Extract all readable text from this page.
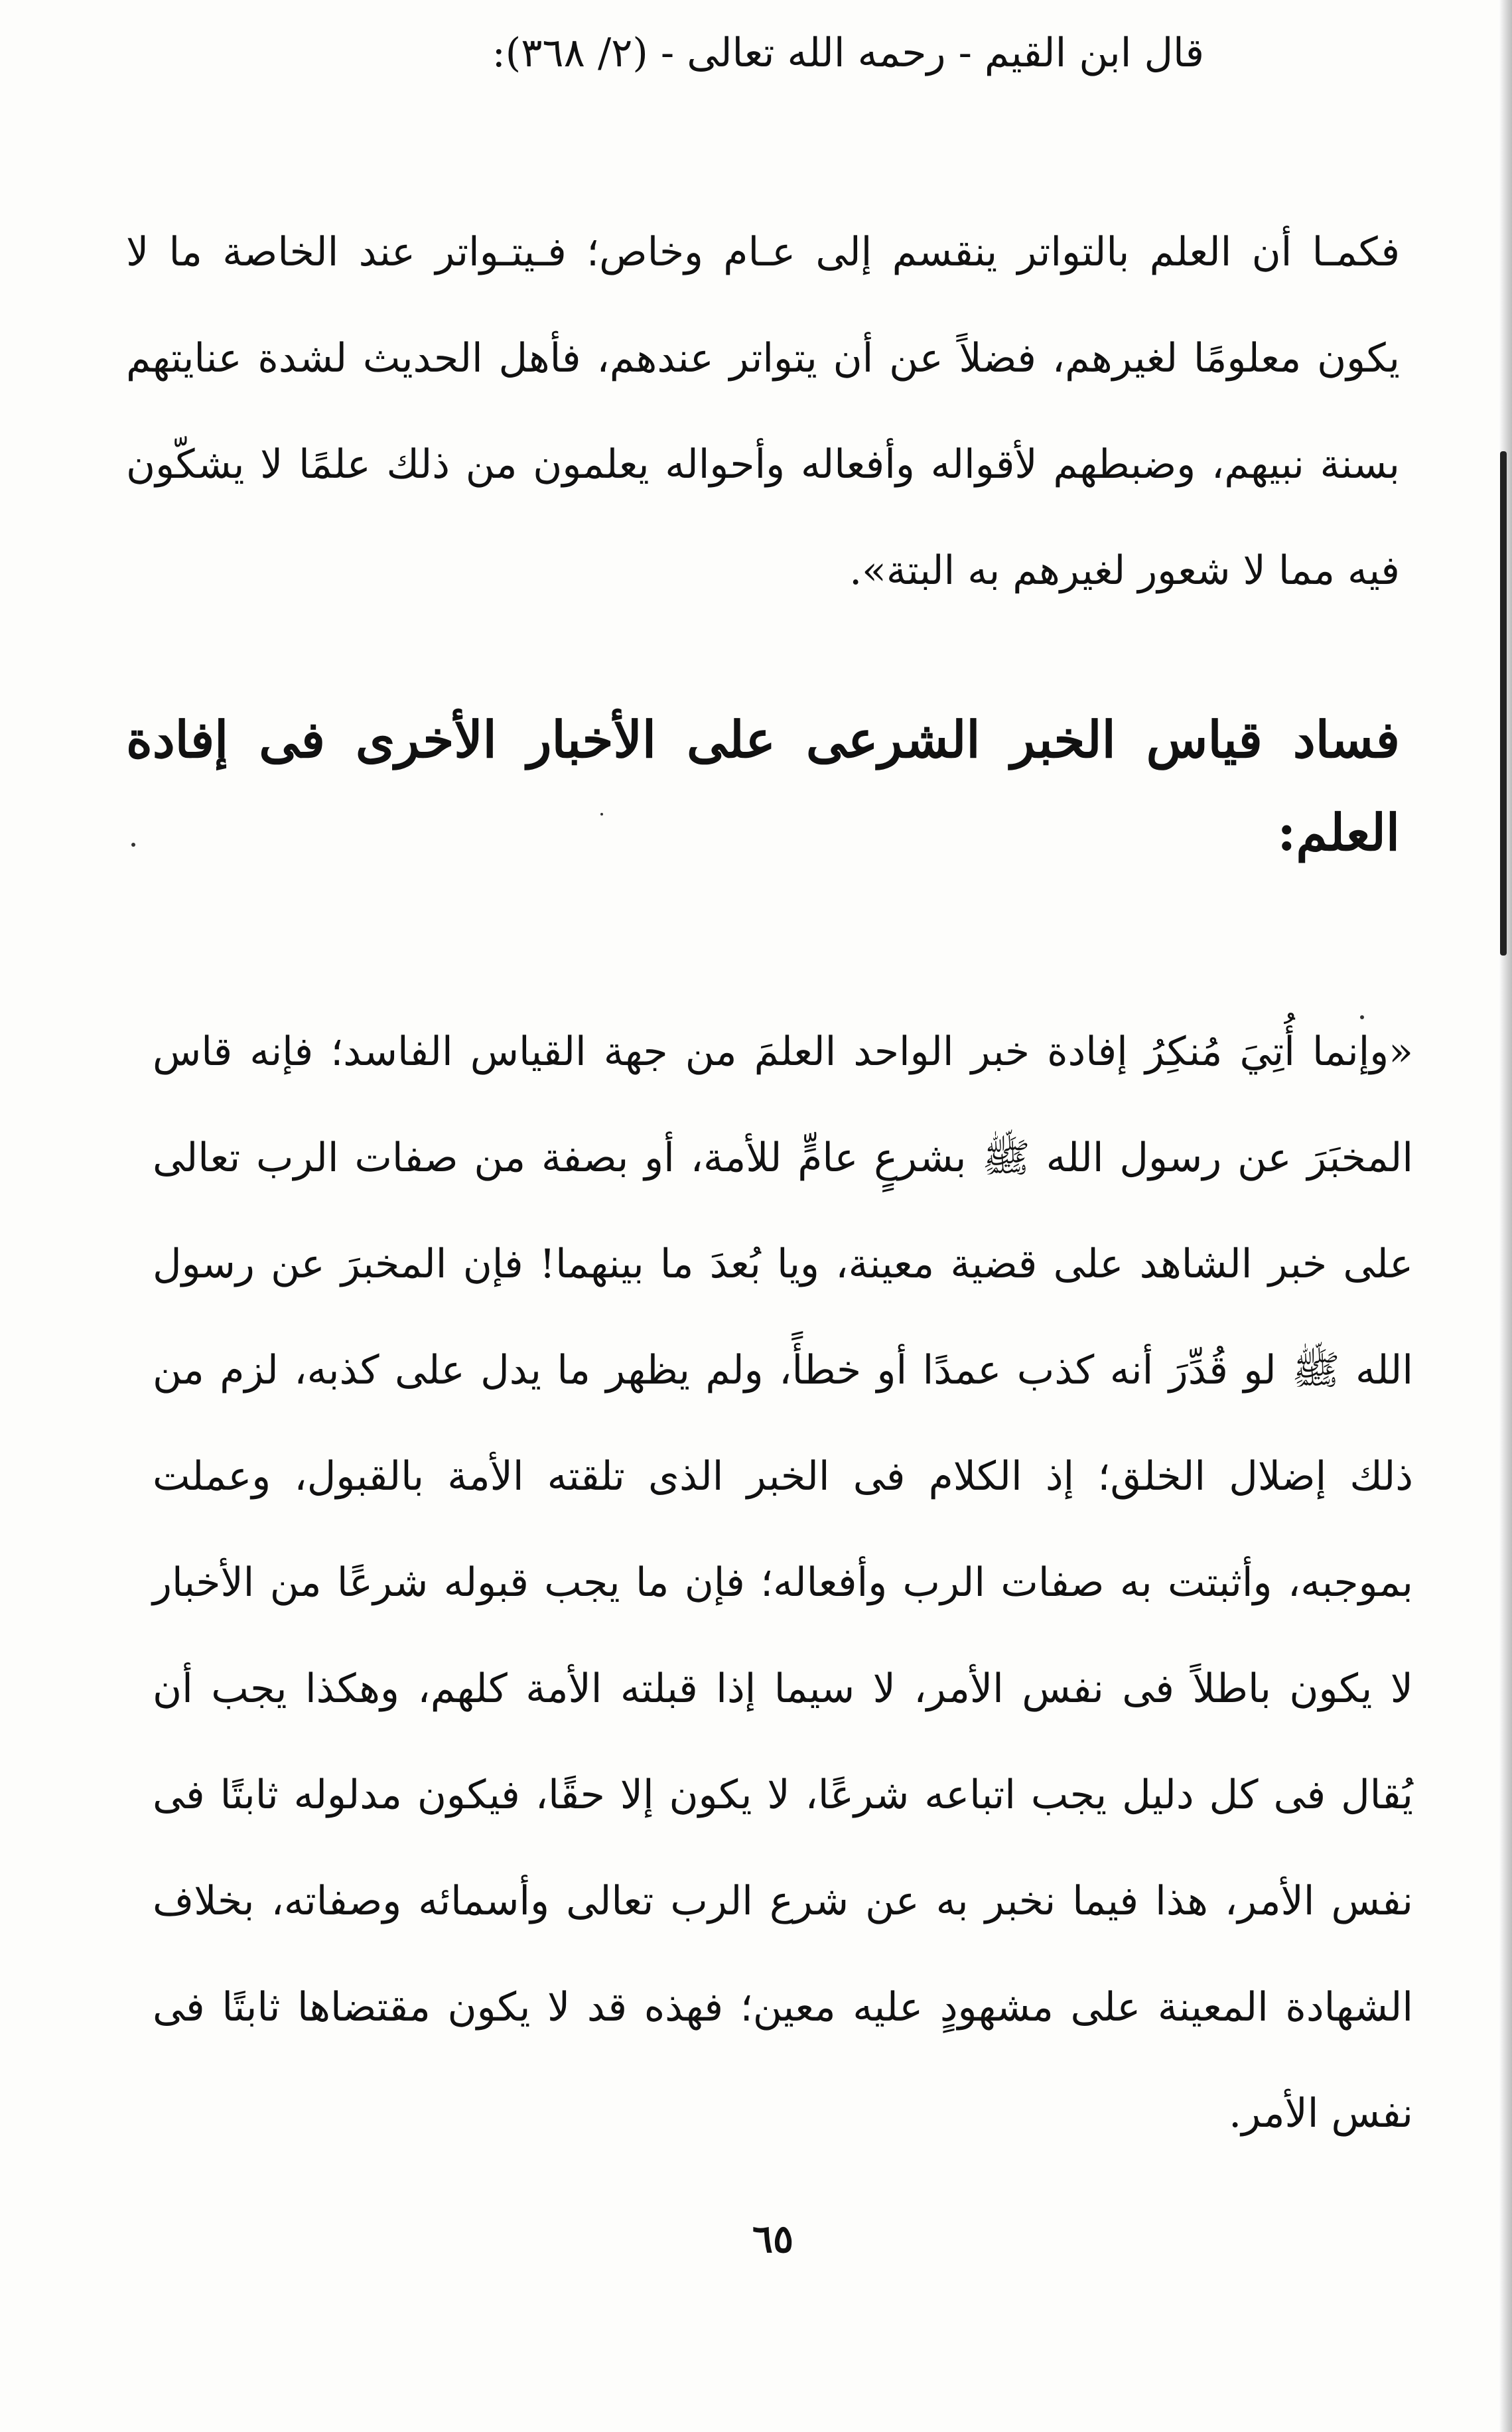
فكمـا أن العلم بالتواتر ينقسم إلى عـام وخاص؛ فـيتـواتر عند الخاصة ما لا يكون معلومًا لغيرهم، فضلاً عن أن يتواتر عندهم، فأهل الحديث لشدة عنايتهم بسنة نبيهم، وضبطهم لأقواله وأفعاله وأحواله يعلمون من ذلك علمًا لا يشكّون فيه مما لا شعور لغيرهم به البتة».
فساد قياس الخبر الشرعى على الأخبار الأخرى فى إفادة العلم:
قال ابن القيم - رحمه الله تعالى - (٢/ ٣٦٨):
«وإنما أُتِيَ مُنكِرُ إفادة خبر الواحد العلمَ من جهة القياس الفاسد؛ فإنه قاس المخبَرَ عن رسول الله ﷺ بشرعٍ عامٍّ للأمة، أو بصفة من صفات الرب تعالى على خبر الشاهد على قضية معينة، ويا بُعدَ ما بينهما! فإن المخبرَ عن رسول الله ﷺ لو قُدِّرَ أنه كذب عمدًا أو خطأً، ولم يظهر ما يدل على كذبه، لزم من ذلك إضلال الخلق؛ إذ الكلام فى الخبر الذى تلقته الأمة بالقبول، وعملت بموجبه، وأثبتت به صفات الرب وأفعاله؛ فإن ما يجب قبوله شرعًا من الأخبار لا يكون باطلاً فى نفس الأمر، لا سيما إذا قبلته الأمة كلهم، وهكذا يجب أن يُقال فى كل دليل يجب اتباعه شرعًا، لا يكون إلا حقًا، فيكون مدلوله ثابتًا فى نفس الأمر، هذا فيما نخبر به عن شرع الرب تعالى وأسمائه وصفاته، بخلاف الشهادة المعينة على مشهودٍ عليه معين؛ فهذه قد لا يكون مقتضاها ثابتًا فى نفس الأمر.
٦٥
